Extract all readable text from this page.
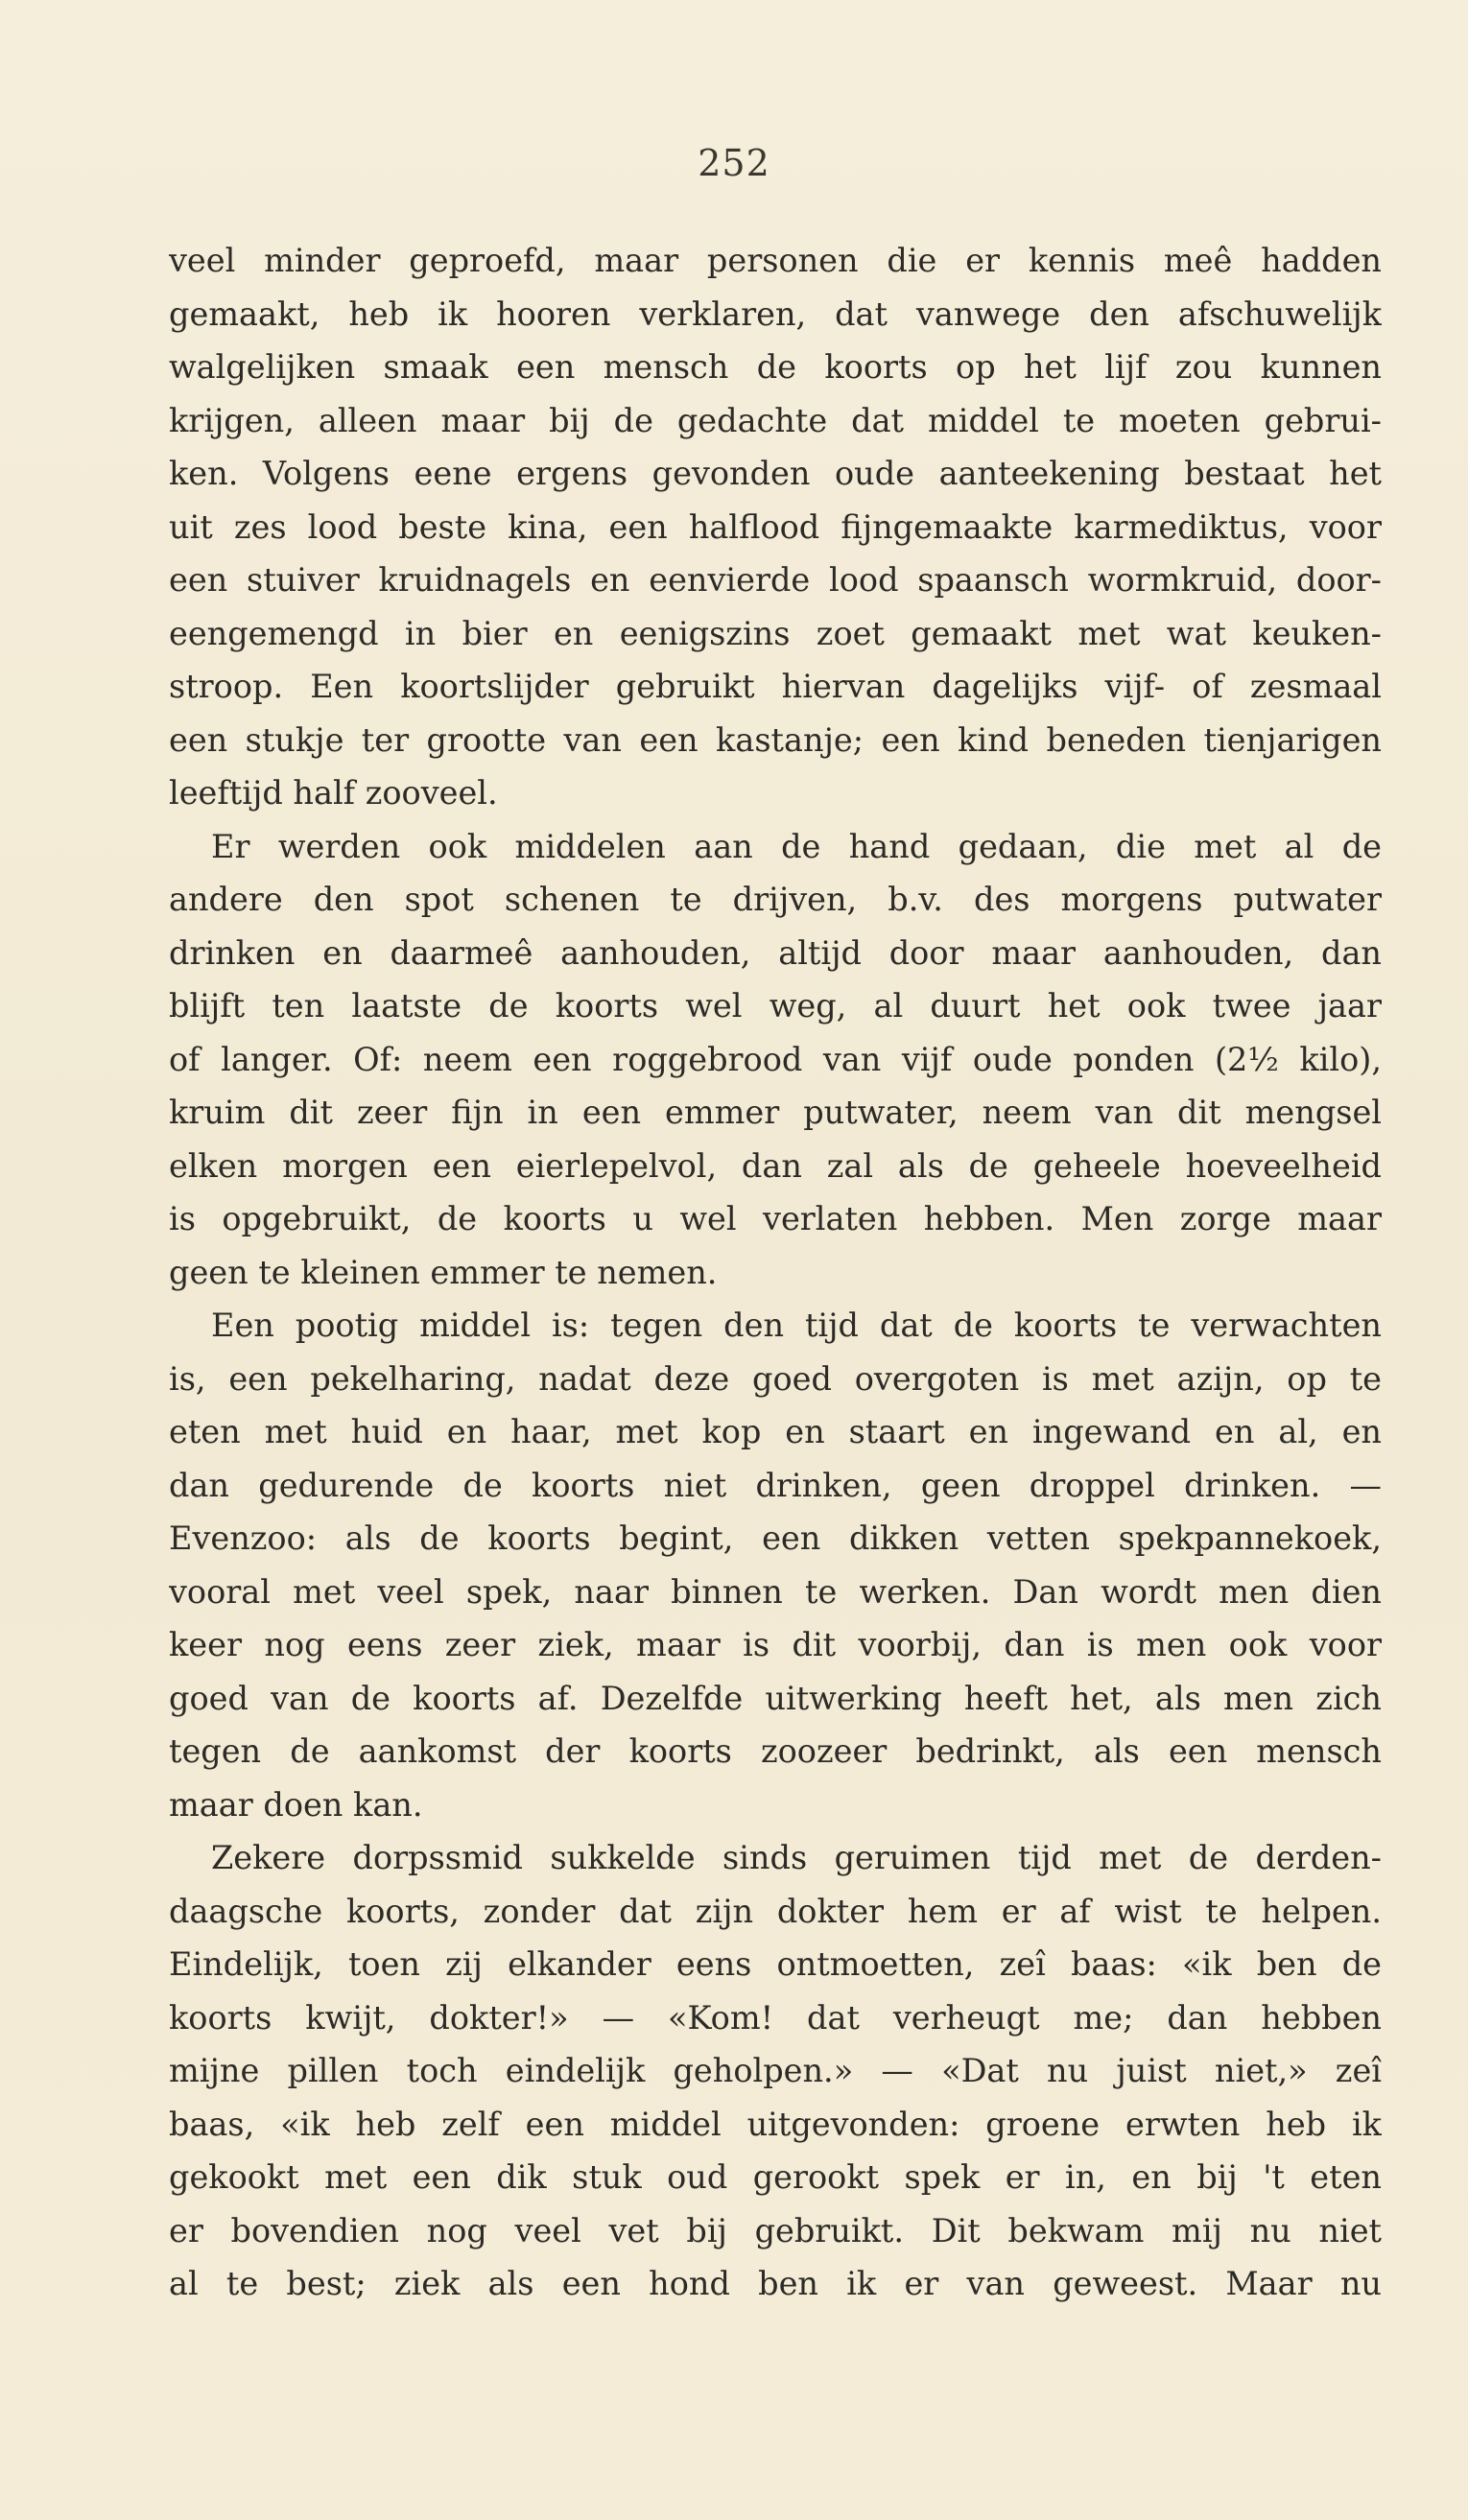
252
veel minder geproefd, maar personen die er kennis meê hadden
gemaakt, heb ik hooren verklaren, dat vanwege den afschuwelijk
walgelijken smaak een mensch de koorts op het lijf zou kunnen
krijgen, alleen maar bij de gedachte dat middel te moeten gebrui-
ken. Volgens eene ergens gevonden oude aanteekening bestaat het
uit zes lood beste kina, een halflood fijngemaakte karmediktus, voor
een stuiver kruidnagels en eenvierde lood spaansch wormkruid, door-
eengemengd in bier en eenigszins zoet gemaakt met wat keuken-
stroop. Een koortslijder gebruikt hiervan dagelijks vijf- of zesmaal
een stukje ter grootte van een kastanje; een kind beneden tienjarigen
leeftijd half zooveel.
Er werden ook middelen aan de hand gedaan, die met al de
andere den spot schenen te drijven, b.v. des morgens putwater
drinken en daarmeê aanhouden, altijd door maar aanhouden, dan
blijft ten laatste de koorts wel weg, al duurt het ook twee jaar
of langer. Of: neem een roggebrood van vijf oude ponden (2½ kilo),
kruim dit zeer fijn in een emmer putwater, neem van dit mengsel
elken morgen een eierlepelvol, dan zal als de geheele hoeveelheid
is opgebruikt, de koorts u wel verlaten hebben. Men zorge maar
geen te kleinen emmer te nemen.
Een pootig middel is: tegen den tijd dat de koorts te verwachten
is, een pekelharing, nadat deze goed overgoten is met azijn, op te
eten met huid en haar, met kop en staart en ingewand en al, en
dan gedurende de koorts niet drinken, geen droppel drinken. —
Evenzoo: als de koorts begint, een dikken vetten spekpannekoek,
vooral met veel spek, naar binnen te werken. Dan wordt men dien
keer nog eens zeer ziek, maar is dit voorbij, dan is men ook voor
goed van de koorts af. Dezelfde uitwerking heeft het, als men zich
tegen de aankomst der koorts zoozeer bedrinkt, als een mensch
maar doen kan.
Zekere dorpssmid sukkelde sinds geruimen tijd met de derden-
daagsche koorts, zonder dat zijn dokter hem er af wist te helpen.
Eindelijk, toen zij elkander eens ontmoetten, zeî baas: «ik ben de
koorts kwijt, dokter!» — «Kom! dat verheugt me; dan hebben
mijne pillen toch eindelijk geholpen.» — «Dat nu juist niet,» zeî
baas, «ik heb zelf een middel uitgevonden: groene erwten heb ik
gekookt met een dik stuk oud gerookt spek er in, en bij 't eten
er bovendien nog veel vet bij gebruikt. Dit bekwam mij nu niet
al te best; ziek als een hond ben ik er van geweest. Maar nu
